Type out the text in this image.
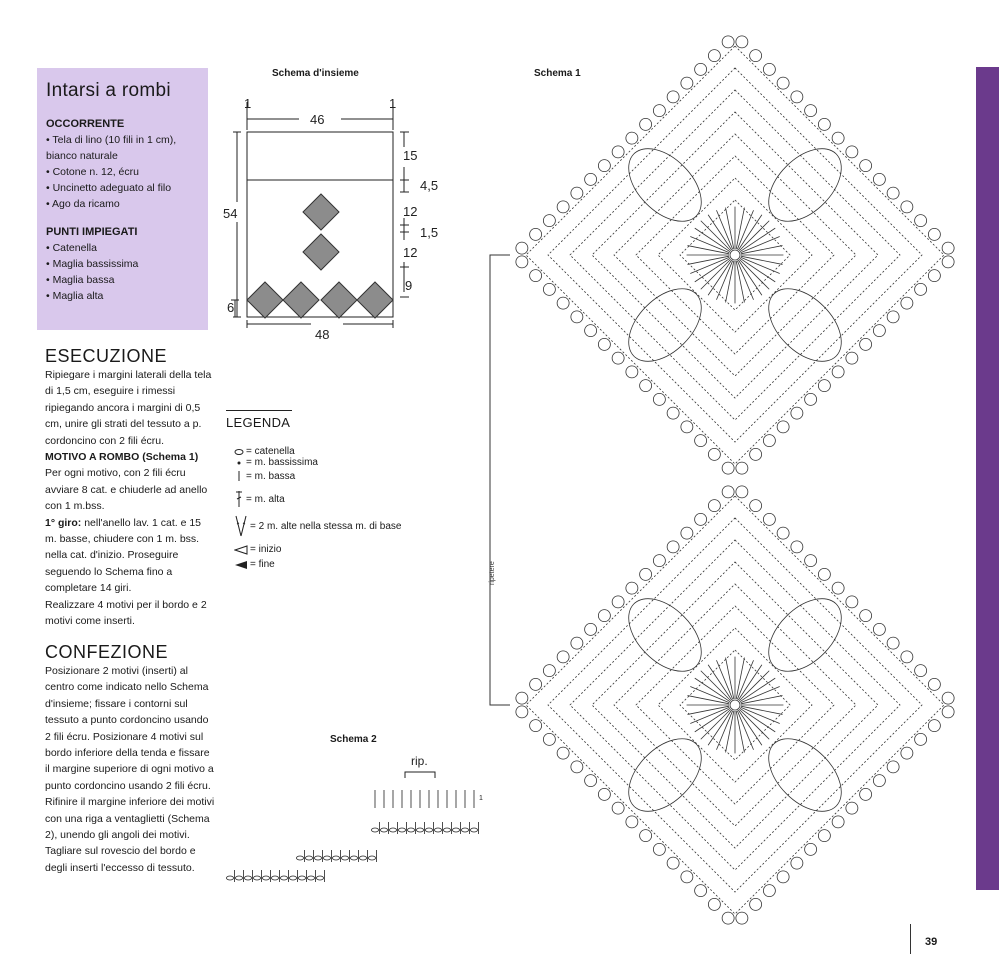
Intarsi a rombi
OCCORRENTE
• Tela di lino (10 fili in 1 cm), bianco naturale
• Cotone n. 12, écru
• Uncinetto adeguato al filo
• Ago da ricamo
PUNTI IMPIEGATI
• Catenella
• Maglia bassissima
• Maglia bassa
• Maglia alta
ESECUZIONE
Ripiegare i margini laterali della tela di 1,5 cm, eseguire i rimessi ripiegando ancora i margini di 0,5 cm, unire gli strati del tessuto a p. cordoncino con 2 fili écru.
MOTIVO A ROMBO (Schema 1)
Per ogni motivo, con 2 fili écru avviare 8 cat. e chiuderle ad anello con 1 m.bss.
1° giro: nell'anello lav. 1 cat. e 15 m. basse, chiudere con 1 m. bss. nella cat. d'inizio. Proseguire seguendo lo Schema fino a completare 14 giri.
Realizzare 4 motivi per il bordo e 2 motivi come inserti.
CONFEZIONE
Posizionare 2 motivi (inserti) al centro come indicato nello Schema d'insieme; fissare i contorni sul tessuto a punto cordoncino usando 2 fili écru. Posizionare 4 motivi sul bordo inferiore della tenda e fissare il margine superiore di ogni motivo a punto cordoncino usando 2 fili écru. Rifinire il margine inferiore dei motivi con una riga a ventaglietti (Schema 2), unendo gli angoli dei motivi. Tagliare sul rovescio del bordo e degli inserti l'eccesso di tessuto.
Schema d'insieme
1	1
46
54
6
48
15
4,5
12
1,5
12
9
LEGENDA
= catenella
= m. bassissima
= m. bassa
= m. alta
= 2 m. alte nella stessa m. di base
= inizio
= fine
Schema 1
ripetere
Schema 2
rip.
1
39
